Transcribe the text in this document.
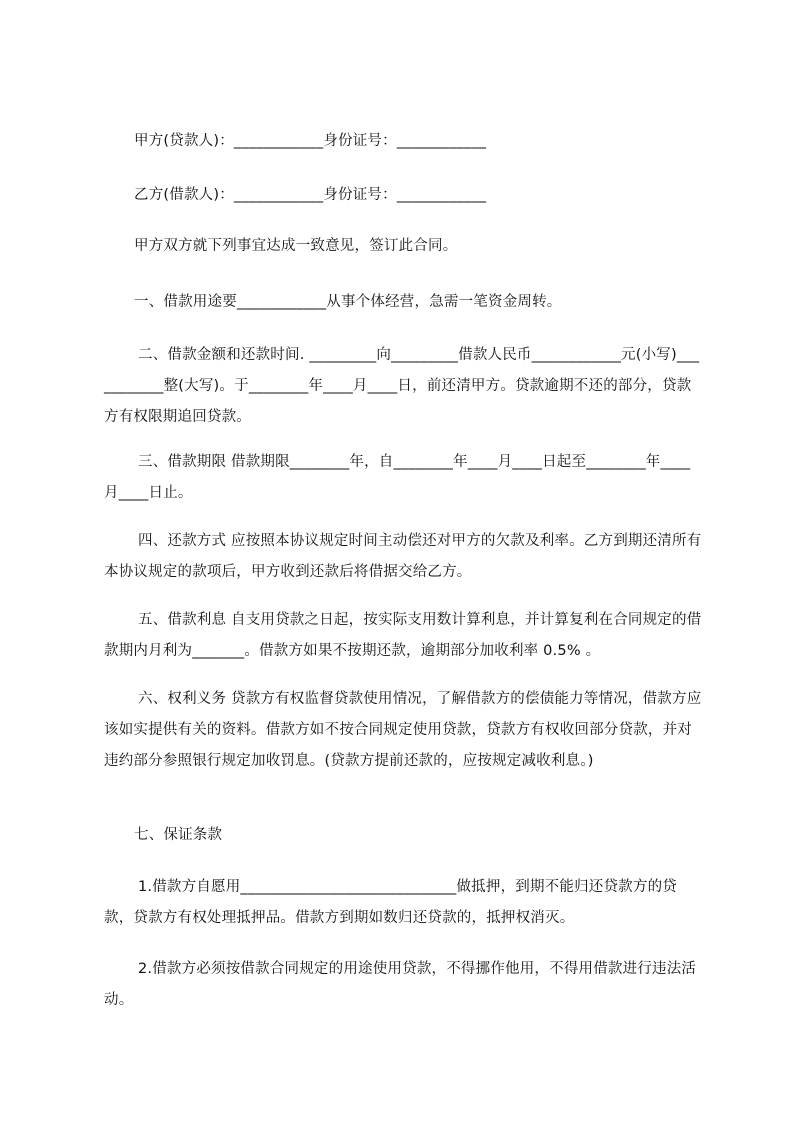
甲方(贷款人)：____________身份证号：____________

乙方(借款人)：____________身份证号：____________

甲方双方就下列事宜达成一致意见，签订此合同。

一、借款用途要____________从事个体经营，急需一笔资金周转。

二、借款金额和还款时间. _________向_________借款人民币____________元(小写)___________整(大写)。于________年____月____日，前还清甲方。贷款逾期不还的部分，贷款方有权限期追回贷款。

三、借款期限 借款期限________年，自________年____月____日起至________年____月____日止。

四、还款方式 应按照本协议规定时间主动偿还对甲方的欠款及利率。乙方到期还清所有本协议规定的款项后，甲方收到还款后将借据交给乙方。

五、借款利息 自支用贷款之日起，按实际支用数计算利息，并计算复利在合同规定的借款期内月利为_______。借款方如果不按期还款，逾期部分加收利率 0.5% 。

六、权利义务 贷款方有权监督贷款使用情况，了解借款方的偿债能力等情况，借款方应该如实提供有关的资料。借款方如不按合同规定使用贷款，贷款方有权收回部分贷款，并对违约部分参照银行规定加收罚息。(贷款方提前还款的，应按规定减收利息。)

七、保证条款

1.借款方自愿用_____________________________做抵押，到期不能归还贷款方的贷款，贷款方有权处理抵押品。借款方到期如数归还贷款的，抵押权消灭。

2.借款方必须按借款合同规定的用途使用贷款，不得挪作他用，不得用借款进行违法活动。
